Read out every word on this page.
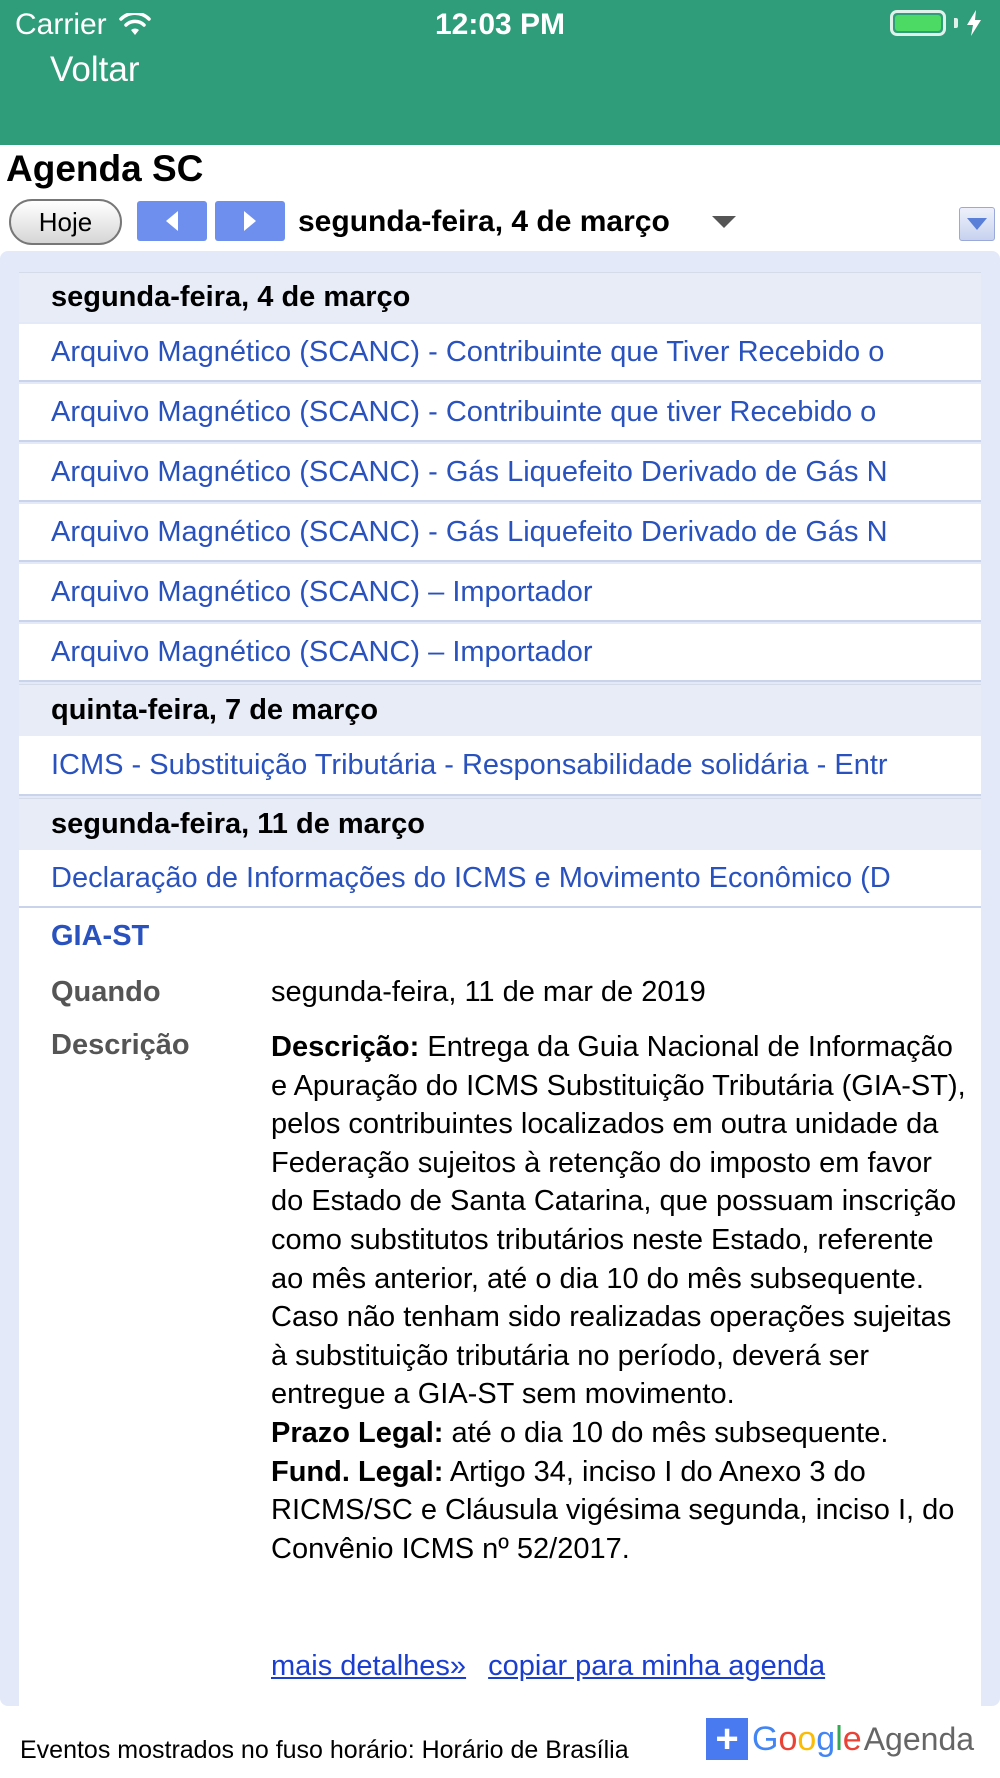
Carrier	12:03 PM
Voltar
Agenda SC
Hoje	segunda-feira, 4 de março
segunda-feira, 4 de março
Arquivo Magnético (SCANC) - Contribuinte que Tiver Recebido o
Arquivo Magnético (SCANC) - Contribuinte que tiver Recebido o
Arquivo Magnético (SCANC) - Gás Liquefeito Derivado de Gás N
Arquivo Magnético (SCANC) - Gás Liquefeito Derivado de Gás N
Arquivo Magnético (SCANC) – Importador
Arquivo Magnético (SCANC) – Importador
quinta-feira, 7 de março
ICMS - Substituição Tributária - Responsabilidade solidária - Entr
segunda-feira, 11 de março
Declaração de Informações do ICMS e Movimento Econômico (D
GIA-ST
Quando	segunda-feira, 11 de mar de 2019
Descrição	Descrição: Entrega da Guia Nacional de Informação e Apuração do ICMS Substituição Tributária (GIA-ST), pelos contribuintes localizados em outra unidade da Federação sujeitos à retenção do imposto em favor do Estado de Santa Catarina, que possuam inscrição como substitutos tributários neste Estado, referente ao mês anterior, até o dia 10 do mês subsequente. Caso não tenham sido realizadas operações sujeitas à substituição tributária no período, deverá ser entregue a GIA-ST sem movimento.
Prazo Legal: até o dia 10 do mês subsequente.
Fund. Legal: Artigo 34, inciso I do Anexo 3 do RICMS/SC e Cláusula vigésima segunda, inciso I, do Convênio ICMS nº 52/2017.
mais detalhes» copiar para minha agenda
Eventos mostrados no fuso horário: Horário de Brasília + Google Agenda
